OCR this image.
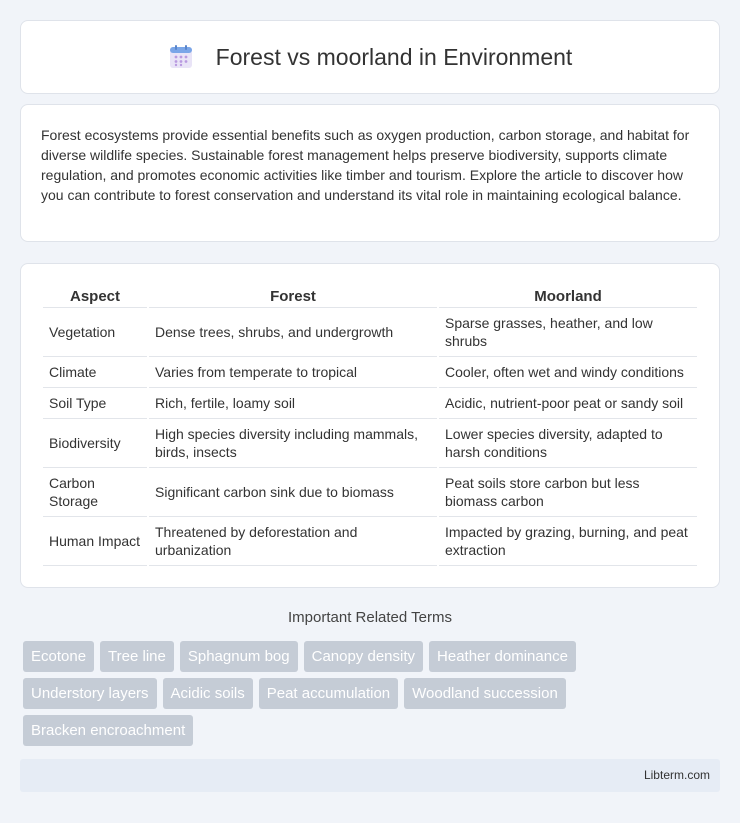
Forest vs moorland in Environment

Forest ecosystems provide essential benefits such as oxygen production, carbon storage, and habitat for diverse wildlife species. Sustainable forest management helps preserve biodiversity, supports climate regulation, and promotes economic activities like timber and tourism. Explore the article to discover how you can contribute to forest conservation and understand its vital role in maintaining ecological balance.

Aspect	Forest	Moorland
Vegetation	Dense trees, shrubs, and undergrowth	Sparse grasses, heather, and low shrubs
Climate	Varies from temperate to tropical	Cooler, often wet and windy conditions
Soil Type	Rich, fertile, loamy soil	Acidic, nutrient-poor peat or sandy soil
Biodiversity	High species diversity including mammals, birds, insects	Lower species diversity, adapted to harsh conditions
Carbon Storage	Significant carbon sink due to biomass	Peat soils store carbon but less biomass carbon
Human Impact	Threatened by deforestation and urbanization	Impacted by grazing, burning, and peat extraction
Important Related Terms
Ecotone	Tree line	Sphagnum bog	Canopy density	Heather dominance
Understory layers	Acidic soils	Peat accumulation	Woodland succession
Bracken encroachment
Libterm.com
